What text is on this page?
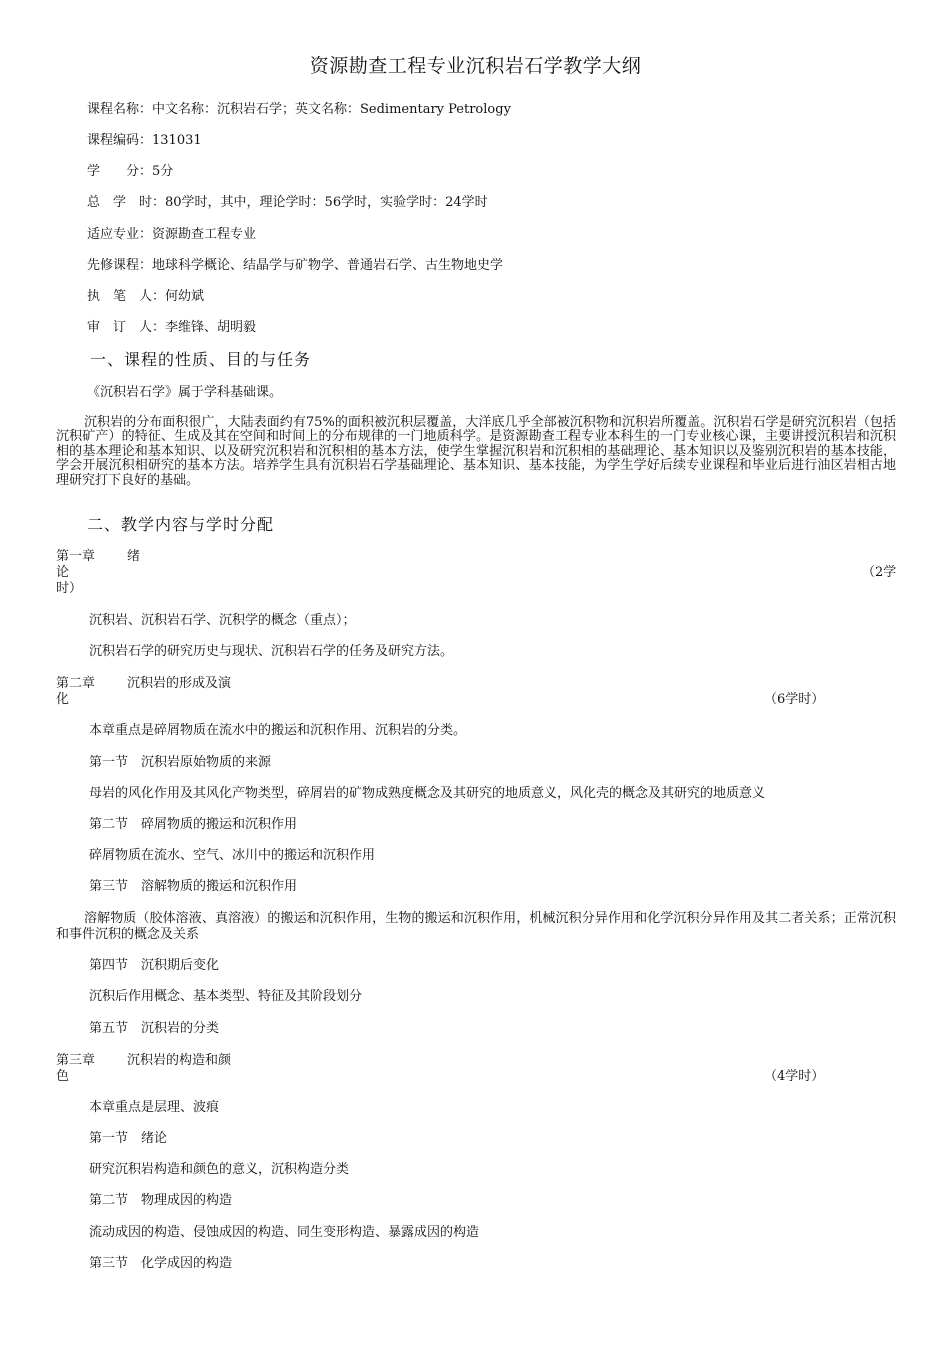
资源勘查工程专业沉积岩石学教学大纲
课程名称：中文名称：沉积岩石学；英文名称：Sedimentary Petrology
课程编码：131031
学　　分：5分
总　学　时：80学时，其中，理论学时：56学时，实验学时：24学时
适应专业：资源勘查工程专业
先修课程：地球科学概论、结晶学与矿物学、普通岩石学、古生物地史学
执　笔　人：何幼斌
审　订　人：李维锋、胡明毅
一、课程的性质、目的与任务
《沉积岩石学》属于学科基础课。
沉积岩的分布面积很广，大陆表面约有75%的面积被沉积层覆盖，大洋底几乎全部被沉积物和沉积岩所覆盖。沉积岩石学是研究沉积岩（包括沉积矿产）的特征、生成及其在空间和时间上的分布规律的一门地质科学。是资源勘查工程专业本科生的一门专业核心课，主要讲授沉积岩和沉积相的基本理论和基本知识、以及研究沉积岩和沉积相的基本方法，使学生掌握沉积岩和沉积相的基础理论、基本知识以及鉴别沉积岩的基本技能，学会开展沉积相研究的基本方法。培养学生具有沉积岩石学基础理论、基本知识、基本技能，为学生学好后续专业课程和毕业后进行油区岩相古地理研究打下良好的基础。
二、教学内容与学时分配
第一章 绪
论	（2学
时）
沉积岩、沉积岩石学、沉积学的概念（重点）；
沉积岩石学的研究历史与现状、沉积岩石学的任务及研究方法。
第二章 沉积岩的形成及演
化	（6学时）
本章重点是碎屑物质在流水中的搬运和沉积作用、沉积岩的分类。
第一节　沉积岩原始物质的来源
母岩的风化作用及其风化产物类型，碎屑岩的矿物成熟度概念及其研究的地质意义，风化壳的概念及其研究的地质意义
第二节　碎屑物质的搬运和沉积作用
碎屑物质在流水、空气、冰川中的搬运和沉积作用
第三节　溶解物质的搬运和沉积作用
溶解物质（胶体溶液、真溶液）的搬运和沉积作用，生物的搬运和沉积作用，机械沉积分异作用和化学沉积分异作用及其二者关系；正常沉积和事件沉积的概念及关系
第四节　沉积期后变化
沉积后作用概念、基本类型、特征及其阶段划分
第五节　沉积岩的分类
第三章 沉积岩的构造和颜
色	（4学时）
本章重点是层理、波痕
第一节　绪论
研究沉积岩构造和颜色的意义，沉积构造分类
第二节　物理成因的构造
流动成因的构造、侵蚀成因的构造、同生变形构造、暴露成因的构造
第三节　化学成因的构造
